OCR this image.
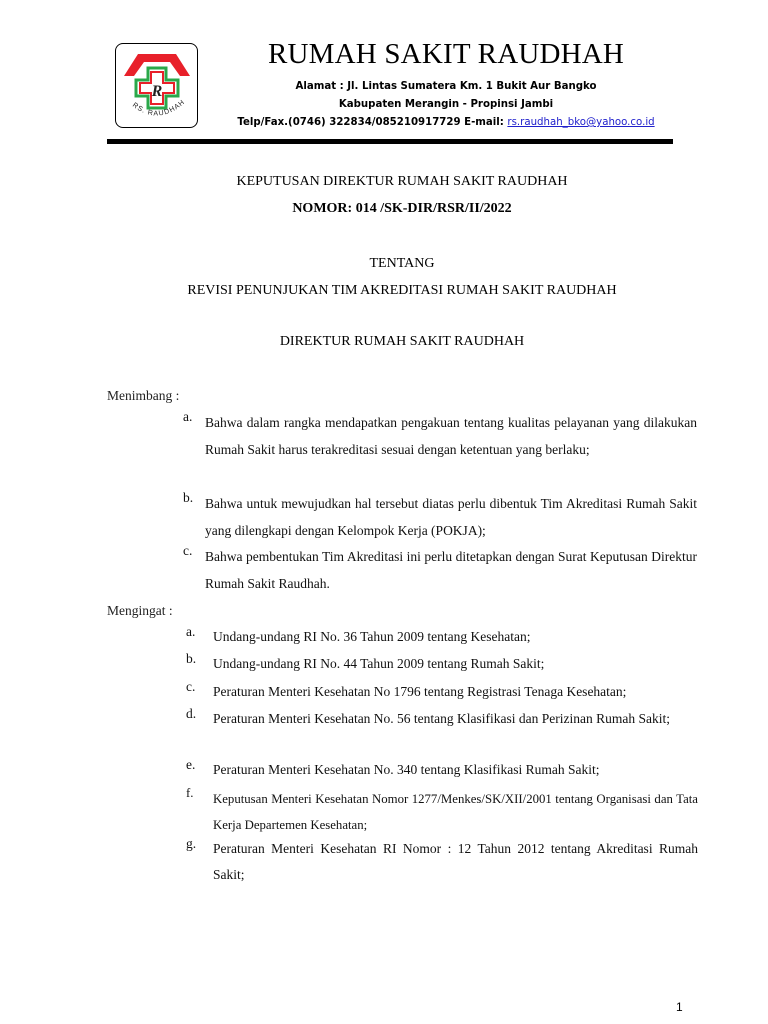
R
RS. RAUDHAH
RUMAH SAKIT RAUDHAH
Alamat : Jl. Lintas Sumatera Km. 1 Bukit Aur Bangko
Kabupaten Merangin - Propinsi Jambi
Telp/Fax.(0746) 322834/085210917729 E-mail: rs.raudhah_bko@yahoo.co.id
KEPUTUSAN DIREKTUR RUMAH SAKIT RAUDHAH
NOMOR: 014 /SK-DIR/RSR/II/2022
TENTANG
REVISI PENUNJUKAN TIM AKREDITASI RUMAH SAKIT RAUDHAH
DIREKTUR RUMAH SAKIT RAUDHAH
Menimbang :
a. Bahwa dalam rangka mendapatkan pengakuan tentang kualitas pelayanan yang dilakukan Rumah Sakit harus terakreditasi sesuai dengan ketentuan yang berlaku;
b. Bahwa untuk mewujudkan hal tersebut diatas perlu dibentuk Tim Akreditasi Rumah Sakit yang dilengkapi dengan Kelompok Kerja (POKJA);
c. Bahwa pembentukan Tim Akreditasi ini perlu ditetapkan dengan Surat Keputusan Direktur Rumah Sakit Raudhah.
Mengingat :
a. Undang-undang RI No. 36 Tahun 2009 tentang Kesehatan;
b. Undang-undang RI No. 44 Tahun 2009 tentang Rumah Sakit;
c. Peraturan Menteri Kesehatan No 1796 tentang Registrasi Tenaga Kesehatan;
d. Peraturan Menteri Kesehatan No. 56 tentang Klasifikasi dan Perizinan Rumah Sakit;
e. Peraturan Menteri Kesehatan No. 340 tentang Klasifikasi Rumah Sakit;
f. Keputusan Menteri Kesehatan Nomor 1277/Menkes/SK/XII/2001 tentang Organisasi dan Tata Kerja Departemen Kesehatan;
g. Peraturan Menteri Kesehatan RI Nomor : 12 Tahun 2012 tentang Akreditasi Rumah Sakit;
1
